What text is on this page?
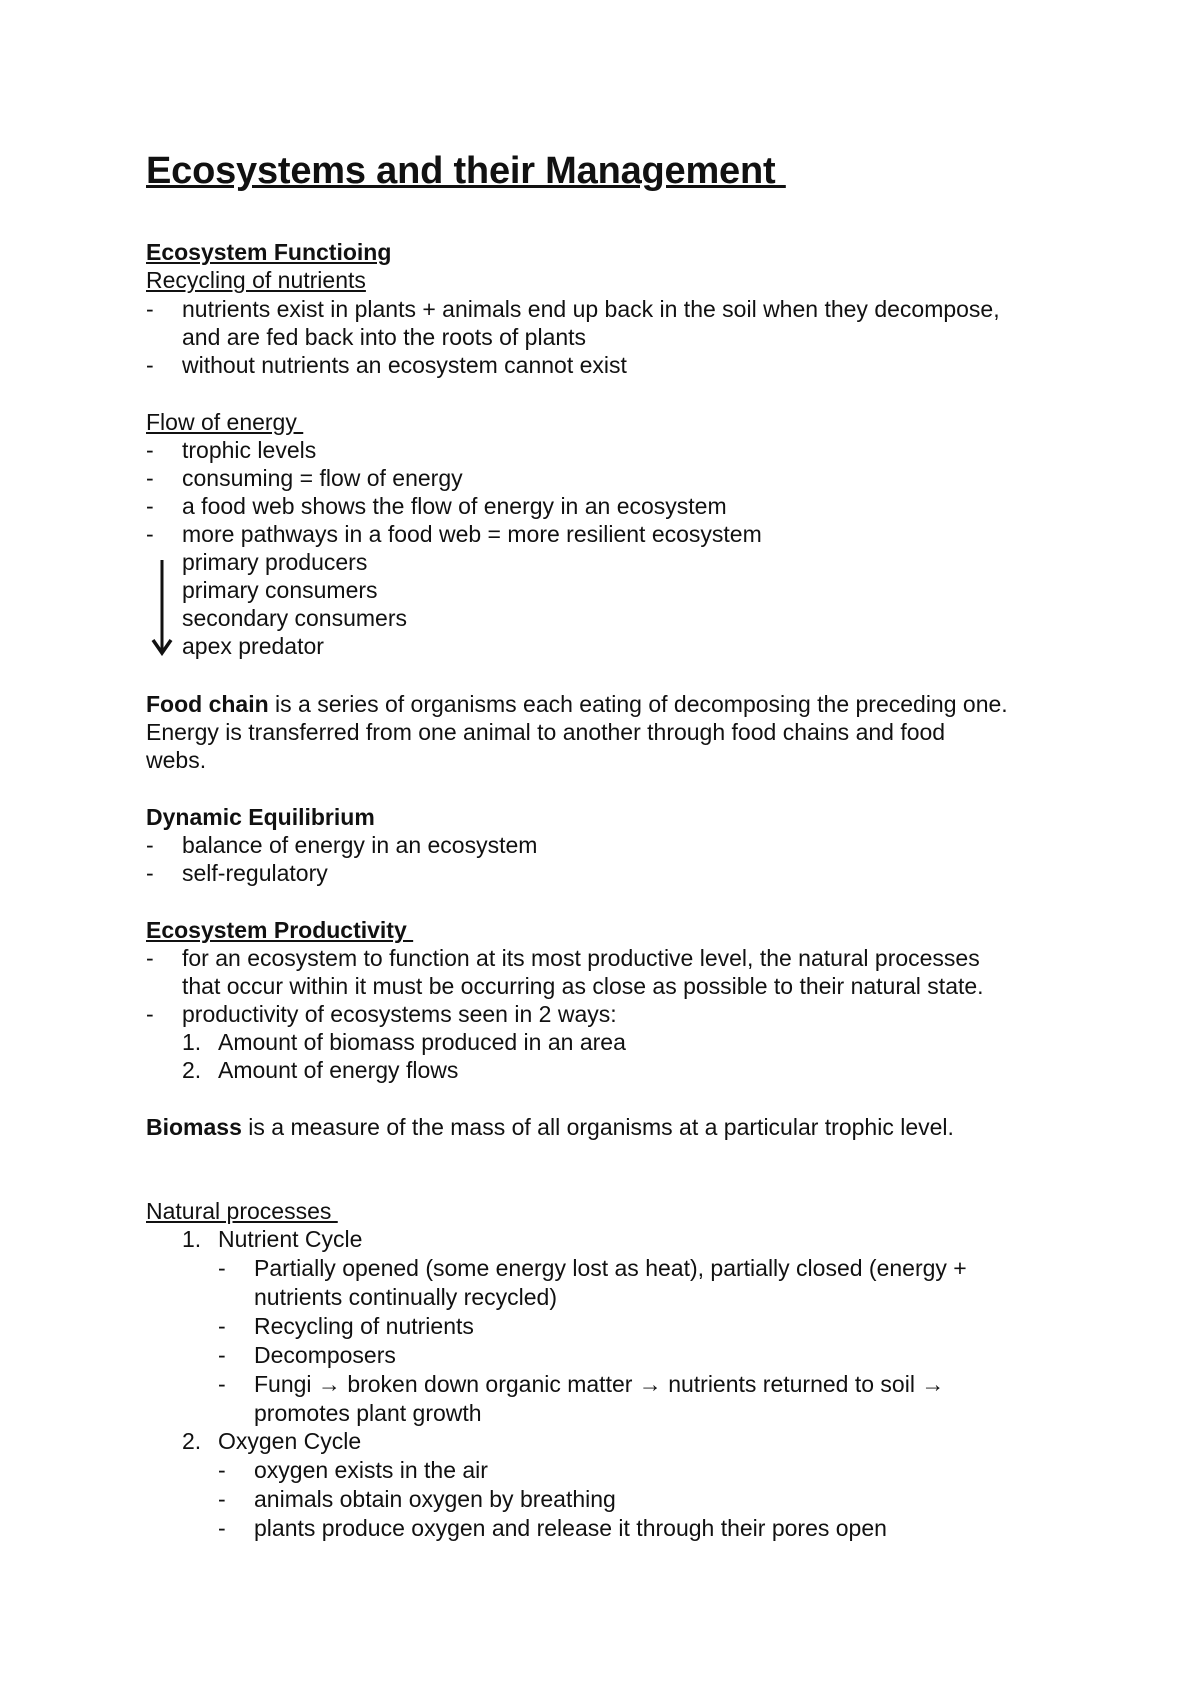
Ecosystems and their Management
Ecosystem Functioing
Recycling of nutrients
- nutrients exist in plants + animals end up back in the soil when they decompose,
and are fed back into the roots of plants
- without nutrients an ecosystem cannot exist
Flow of energy
- trophic levels
- consuming = flow of energy
- a food web shows the flow of energy in an ecosystem
- more pathways in a food web = more resilient ecosystem
primary producers
primary consumers
secondary consumers
apex predator
Food chain is a series of organisms each eating of decomposing the preceding one.
Energy is transferred from one animal to another through food chains and food
webs.
Dynamic Equilibrium
- balance of energy in an ecosystem
- self-regulatory
Ecosystem Productivity
- for an ecosystem to function at its most productive level, the natural processes
that occur within it must be occurring as close as possible to their natural state.
- productivity of ecosystems seen in 2 ways:
1. Amount of biomass produced in an area
2. Amount of energy flows
Biomass is a measure of the mass of all organisms at a particular trophic level.
Natural processes
1. Nutrient Cycle
- Partially opened (some energy lost as heat), partially closed (energy +
nutrients continually recycled)
- Recycling of nutrients
- Decomposers
- Fungi → broken down organic matter → nutrients returned to soil →
promotes plant growth
2. Oxygen Cycle
- oxygen exists in the air
- animals obtain oxygen by breathing
- plants produce oxygen and release it through their pores open
